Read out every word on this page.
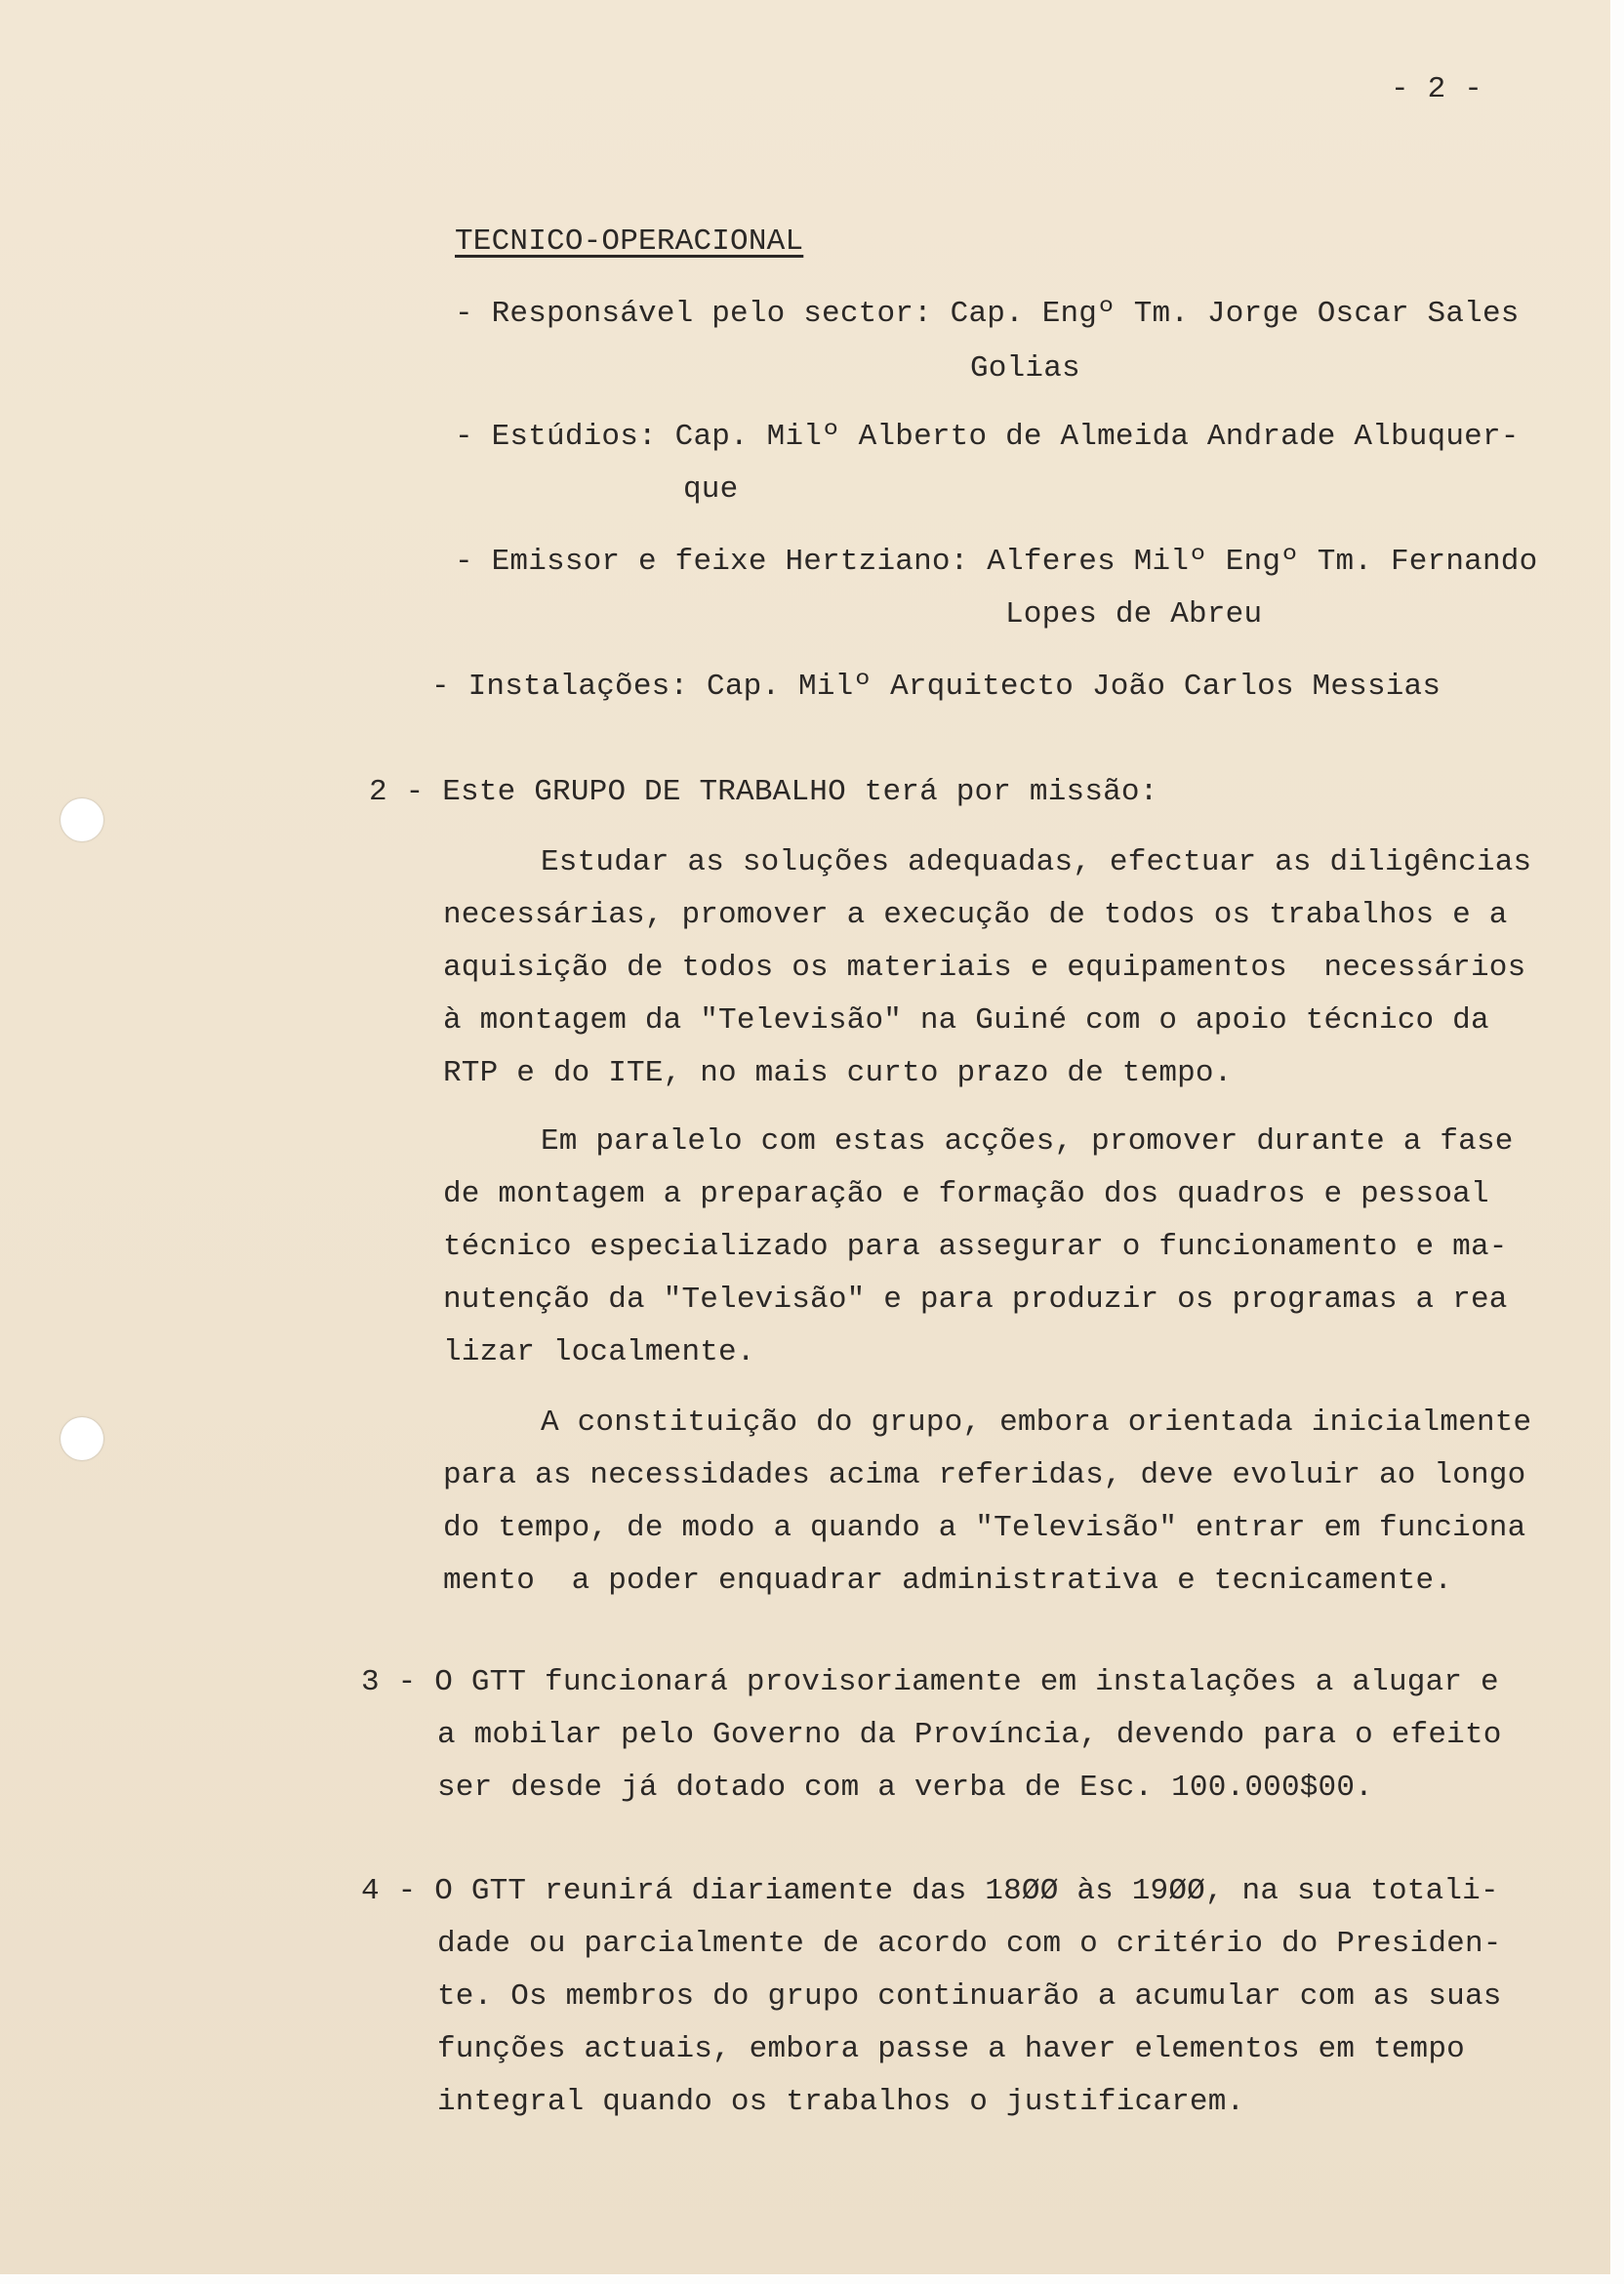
- 2 -
TECNICO-OPERACIONAL
- Responsável pelo sector: Cap. Engº Tm. Jorge Oscar Sales
Golias
- Estúdios: Cap. Milº Alberto de Almeida Andrade Albuquer-
que
- Emissor e feixe Hertziano: Alferes Milº Engº Tm. Fernando
Lopes de Abreu
- Instalações: Cap. Milº Arquitecto João Carlos Messias
2 - Este GRUPO DE TRABALHO terá por missão:
Estudar as soluções adequadas, efectuar as diligências
necessárias, promover a execução de todos os trabalhos e a
aquisição de todos os materiais e equipamentos  necessários
à montagem da "Televisão" na Guiné com o apoio técnico da
RTP e do ITE, no mais curto prazo de tempo.
Em paralelo com estas acções, promover durante a fase
de montagem a preparação e formação dos quadros e pessoal
técnico especializado para assegurar o funcionamento e ma-
nutenção da "Televisão" e para produzir os programas a rea
lizar localmente.
A constituição do grupo, embora orientada inicialmente
para as necessidades acima referidas, deve evoluir ao longo
do tempo, de modo a quando a "Televisão" entrar em funciona
mento  a poder enquadrar administrativa e tecnicamente.
3 - O GTT funcionará provisoriamente em instalações a alugar e
a mobilar pelo Governo da Província, devendo para o efeito
ser desde já dotado com a verba de Esc. 100.000$00.
4 - O GTT reunirá diariamente das 18ØØ às 19ØØ, na sua totali-
dade ou parcialmente de acordo com o critério do Presiden-
te. Os membros do grupo continuarão a acumular com as suas
funções actuais, embora passe a haver elementos em tempo
integral quando os trabalhos o justificarem.
